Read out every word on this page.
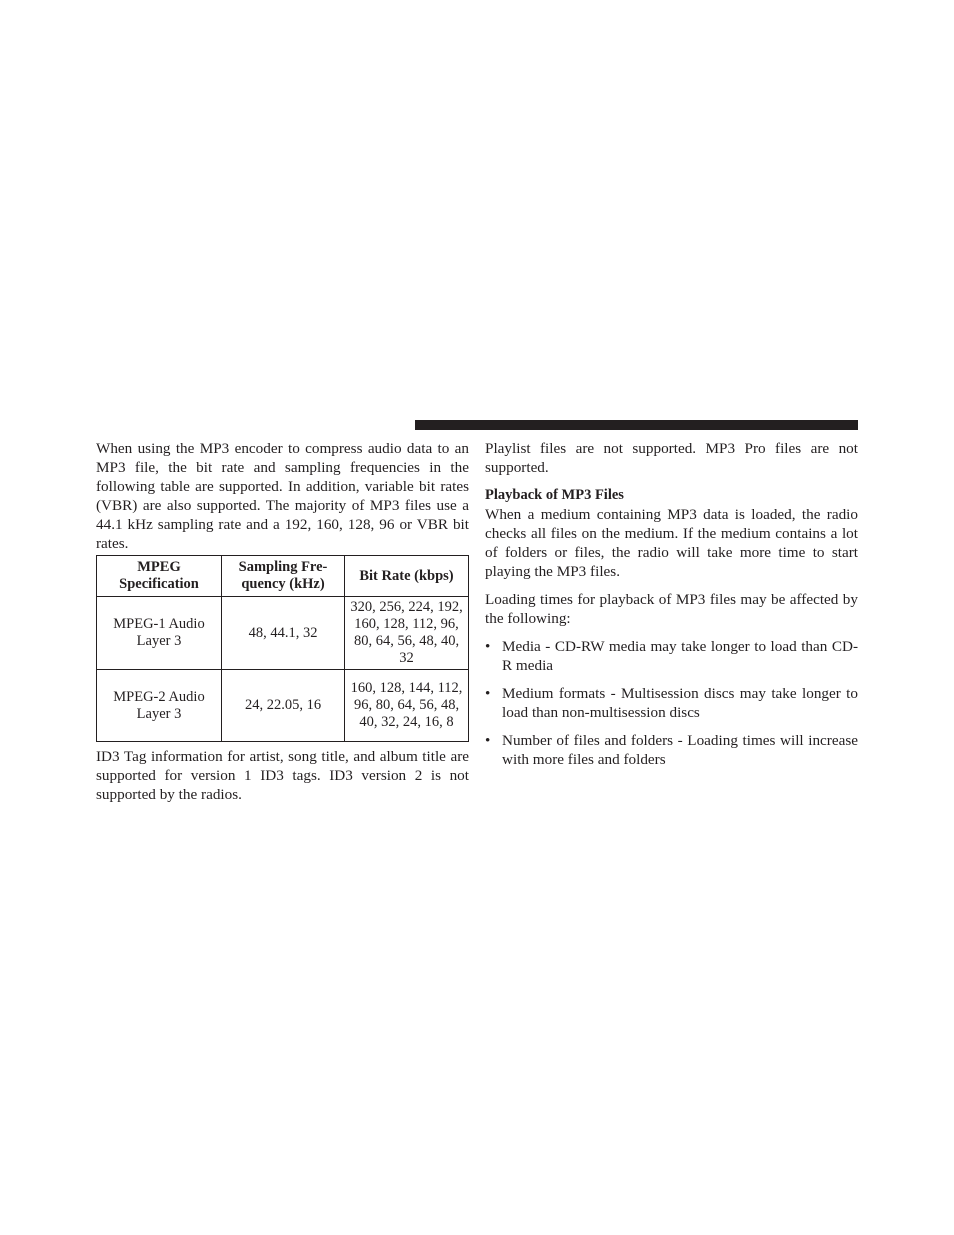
When using the MP3 encoder to compress audio data to an MP3 file, the bit rate and sampling frequencies in the following table are supported. In addition, variable bit rates (VBR) are also supported. The majority of MP3 files use a 44.1 kHz sampling rate and a 192, 160, 128, 96 or VBR bit rates.

MPEG Specification	Sampling Fre-quency (kHz)	Bit Rate (kbps)
MPEG-1 Audio Layer 3	48, 44.1, 32	320, 256, 224, 192, 160, 128, 112, 96, 80, 64, 56, 48, 40, 32
MPEG-2 Audio Layer 3	24, 22.05, 16	160, 128, 144, 112, 96, 80, 64, 56, 48, 40, 32, 24, 16, 8

ID3 Tag information for artist, song title, and album title are supported for version 1 ID3 tags. ID3 version 2 is not supported by the radios.

Playlist files are not supported. MP3 Pro files are not supported.

Playback of MP3 Files

When a medium containing MP3 data is loaded, the radio checks all files on the medium. If the medium contains a lot of folders or files, the radio will take more time to start playing the MP3 files.

Loading times for playback of MP3 files may be affected by the following:

• Media - CD-RW media may take longer to load than CD-R media
• Medium formats - Multisession discs may take longer to load than non-multisession discs
• Number of files and folders - Loading times will increase with more files and folders
